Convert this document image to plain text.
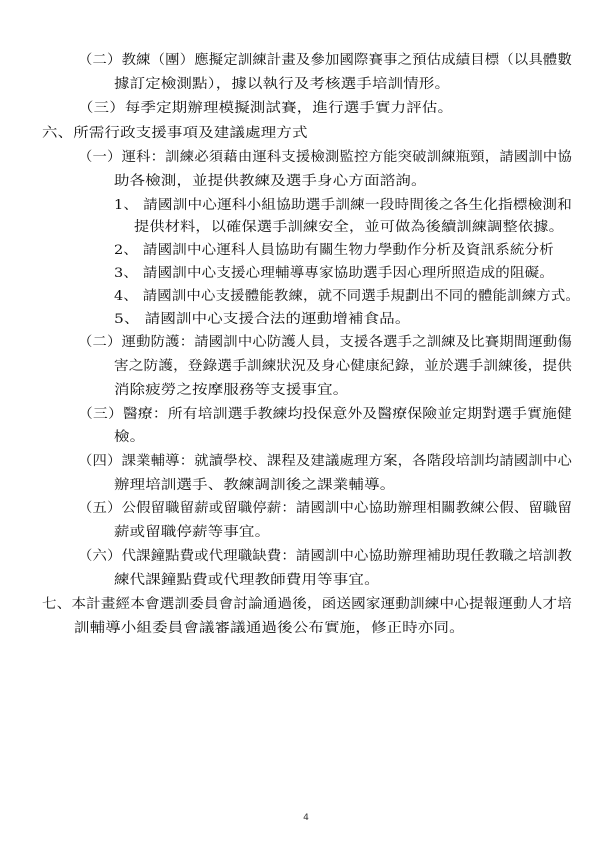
（二）教練（團）應擬定訓練計畫及參加國際賽事之預估成績目標（以具體數
據訂定檢測點），據以執行及考核選手培訓情形。
（三）每季定期辦理模擬測試賽，進行選手實力評估。
六、所需行政支援事項及建議處理方式
（一）運科：訓練必須藉由運科支援檢測監控方能突破訓練瓶頸，請國訓中協
助各檢測，並提供教練及選手身心方面諮詢。
1、 請國訓中心運科小組協助選手訓練一段時間後之各生化指標檢測和
提供材料，以確保選手訓練安全，並可做為後續訓練調整依據。
2、 請國訓中心運科人員協助有關生物力學動作分析及資訊系統分析
3、 請國訓中心支援心理輔導專家協助選手因心理所照造成的阻礙。
4、 請國訓中心支援體能教練，就不同選手規劃出不同的體能訓練方式。
5、 請國訓中心支援合法的運動增補食品。
（二）運動防護：請國訓中心防護人員，支援各選手之訓練及比賽期間運動傷
害之防護，登錄選手訓練狀況及身心健康紀錄，並於選手訓練後，提供
消除疲勞之按摩服務等支援事宜。
（三）醫療：所有培訓選手教練均投保意外及醫療保險並定期對選手實施健
檢。
（四）課業輔導：就讀學校、課程及建議處理方案，各階段培訓均請國訓中心
辦理培訓選手、教練調訓後之課業輔導。
（五）公假留職留薪或留職停薪：請國訓中心協助辦理相關教練公假、留職留
薪或留職停薪等事宜。
（六）代課鐘點費或代理職缺費：請國訓中心協助辦理補助現任教職之培訓教
練代課鐘點費或代理教師費用等事宜。
七、本計畫經本會選訓委員會討論通過後，函送國家運動訓練中心提報運動人才培
訓輔導小組委員會議審議通過後公布實施，修正時亦同。
4
